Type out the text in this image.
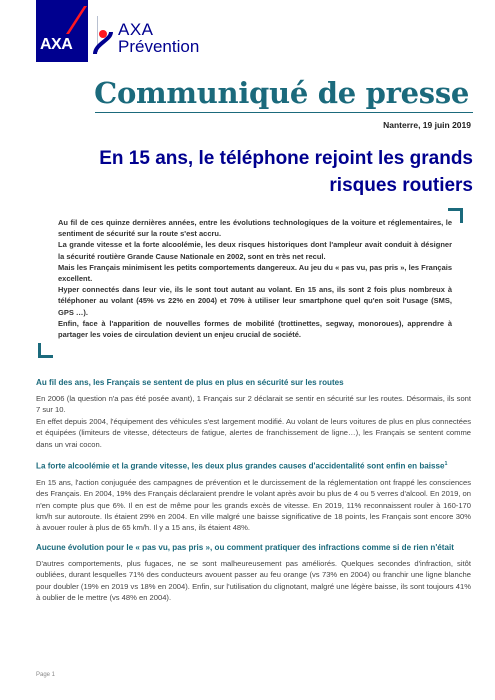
AXA
AXA
Prévention
Communiqué de presse
Nanterre, 19 juin 2019
En 15 ans, le téléphone rejoint les grands risques routiers

Au fil de ces quinze dernières années, entre les évolutions technologiques de la voiture et réglementaires, le sentiment de sécurité sur la route s'est accru.

La grande vitesse et la forte alcoolémie, les deux risques historiques dont l'ampleur avait conduit à désigner la sécurité routière Grande Cause Nationale en 2002, sont en très net recul.

Mais les Français minimisent les petits comportements dangereux. Au jeu du « pas vu, pas pris », les Français excellent.

Hyper connectés dans leur vie, ils le sont tout autant au volant. En 15 ans, ils sont 2 fois plus nombreux à téléphoner au volant (45% vs 22% en 2004) et 70% à utiliser leur smartphone quel qu'en soit l'usage (SMS, GPS …).

Enfin, face à l'apparition de nouvelles formes de mobilité (trottinettes, segway, monoroues), apprendre à partager les voies de circulation devient un enjeu crucial de société.

Au fil des ans, les Français se sentent de plus en plus en sécurité sur les routes

En 2006 (la question n'a pas été posée avant), 1 Français sur 2 déclarait se sentir en sécurité sur les routes. Désormais, ils sont 7 sur 10.

En effet depuis 2004, l'équipement des véhicules s'est largement modifié. Au volant de leurs voitures de plus en plus connectées et équipées (limiteurs de vitesse, détecteurs de fatigue, alertes de franchissement de ligne…), les Français se sentent comme dans un vrai cocon.

La forte alcoolémie et la grande vitesse, les deux plus grandes causes d'accidentalité sont enfin en baisse$^1$

En 15 ans, l'action conjuguée des campagnes de prévention et le durcissement de la réglementation ont frappé les consciences des Français. En 2004, 19% des Français déclaraient prendre le volant après avoir bu plus de 4 ou 5 verres d'alcool. En 2019, on n'en compte plus que 6%. Il en est de même pour les grands excès de vitesse. En 2019, 11% reconnaissent rouler à 160-170 km/h sur autoroute. Ils étaient 29% en 2004. En ville malgré une baisse significative de 18 points, les Français sont encore 30% à avouer rouler à plus de 65 km/h. Il y a 15 ans, ils étaient 48%.

Aucune évolution pour le « pas vu, pas pris », ou comment pratiquer des infractions comme si de rien n'était

D'autres comportements, plus fugaces, ne se sont malheureusement pas améliorés. Quelques secondes d'infraction, sitôt oubliées, durant lesquelles 71% des conducteurs avouent passer au feu orange (vs 73% en 2004) ou franchir une ligne blanche pour doubler (19% en 2019 vs 18% en 2004). Enfin, sur l'utilisation du clignotant, malgré une légère baisse, ils sont toujours 41% à oublier de le mettre (vs 48% en 2004).

Page 1
